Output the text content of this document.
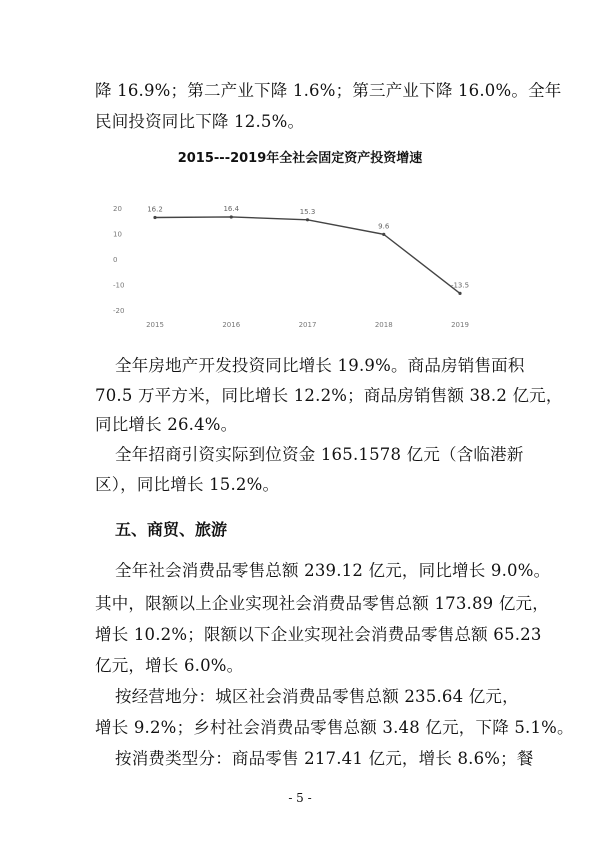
降 16.9%；第二产业下降 1.6%；第三产业下降 16.0%。全年
民间投资同比下降 12.5%。
2015---2019年全社会固定资产投资增速
20
10
0
-10
-20
16.2
2015
16.4
2016
15.3
2017
9.6
2018
-13.5
2019
全年房地产开发投资同比增长 19.9%。商品房销售面积
70.5 万平方米，同比增长 12.2%；商品房销售额 38.2 亿元，
同比增长 26.4%。
全年招商引资实际到位资金 165.1578 亿元（含临港新
区），同比增长 15.2%。
全年社会消费品零售总额 239.12 亿元，同比增长 9.0%。
其中，限额以上企业实现社会消费品零售总额 173.89 亿元，
增长 10.2%；限额以下企业实现社会消费品零售总额 65.23
亿元，增长 6.0%。
按经营地分：城区社会消费品零售总额 235.64 亿元，
增长 9.2%；乡村社会消费品零售总额 3.48 亿元，下降 5.1%。
按消费类型分：商品零售 217.41 亿元，增长 8.6%；餐
五、商贸、旅游
- 5 -
